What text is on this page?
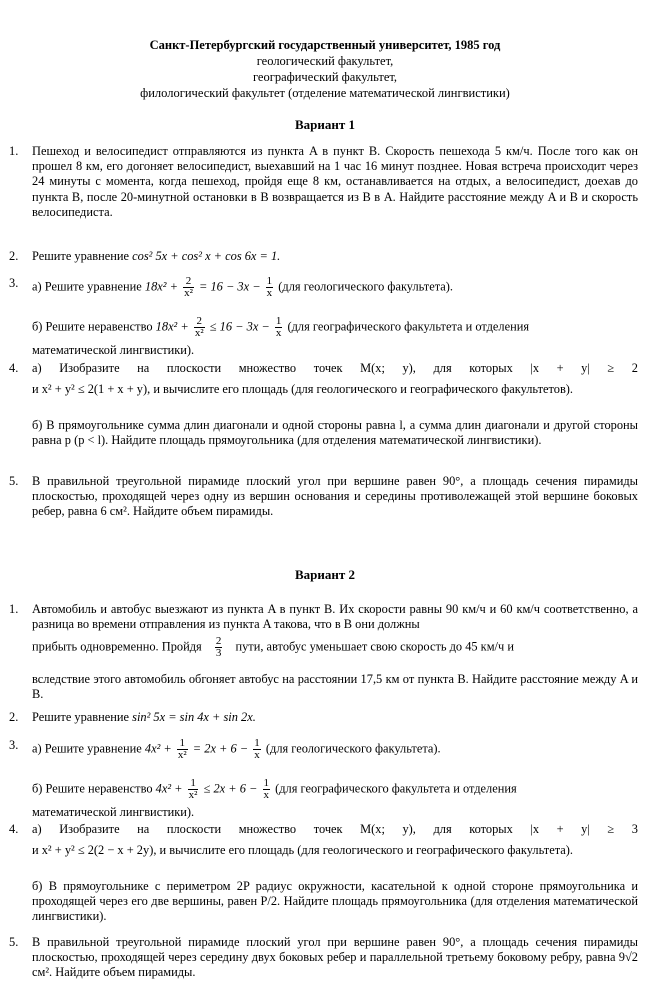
Санкт-Петербургский государственный университет, 1985 год
геологический факультет,
географический факультет,
филологический факультет (отделение математической лингвистики)
Вариант 1
1.	Пешеход и велосипедист отправляются из пункта A в пункт B. Скорость пешехода 5 км/ч. После того как он прошел 8 км, его догоняет велосипедист, выехавший на 1 час 16 минут позднее. Новая встреча происходит через 24 минуты с момента, когда пешеход, пройдя еще 8 км, останавливается на отдых, а велосипедист, доехав до пункта B, после 20-минутной остановки в B возвращается из B в A. Найдите расстояние между A и B и скорость велосипедиста.
2.	Решите уравнение cos² 5x + cos² x + cos 6x = 1.
3.	а) Решите уравнение $18x^2 + \frac{2}{\text{x²}} = 16 - 3x - \frac{1}{x} (для$ геологического факультета).
б) Решите неравенство $18x^2 + \frac{2}{\text{x²}} \le 16 - 3x - \frac{1}{x} (для$ географического факультета и отделения
математической лингвистики).
4.	а) Изобразите на плоскости множество точек M(x; y), для которых |x + y| ≥ 2
и x² + y² ≤ 2(1 + x + y), и вычислите его площадь (для геологического и географического факультетов).
б) В прямоугольнике сумма длин диагонали и одной стороны равна l, а сумма длин диагонали и другой стороны равна p (p < l). Найдите площадь прямоугольника (для отделения математической лингвистики).
5.	В правильной треугольной пирамиде плоский угол при вершине равен 90°, а площадь сечения пирамиды плоскостью, проходящей через одну из вершин основания и середины противолежащей этой вершине боковых ребер, равна 6 см². Найдите объем пирамиды.
Вариант 2
1.	Автомобиль и автобус выезжают из пункта A в пункт B. Их скорости равны 90 км/ч и 60 км/ч соответственно, а разница во времени отправления из пункта A такова, что в B они должны
прибыть одновременно. Пройдя $\frac{2}{3}$ пути, автобус уменьшает свою скорость до 45 км/ч и
вследствие этого автомобиль обгоняет автобус на расстоянии 17,5 км от пункта B. Найдите расстояние между A и B.
2.	Решите уравнение sin² 5x = sin 4x + sin 2x.
3.	а) Решите уравнение $4x^2 + \frac{1}{\text{x²}} = 2x + 6 - \frac{1}{x} (для$ геологического факультета).
б) Решите неравенство $4x^2 + \frac{1}{\text{x²}} \le 2x + 6 - \frac{1}{x} (для$ географического факультета и отделения
математической лингвистики).
4.	а) Изобразите на плоскости множество точек M(x; y), для которых |x + y| ≥ 3
и x² + y² ≤ 2(2 − x + 2y), и вычислите его площадь (для геологического и географического факультета).
б) В прямоугольнике с периметром 2P радиус окружности, касательной к одной стороне прямоугольника и проходящей через его две вершины, равен P/2. Найдите площадь прямоугольника (для отделения математической лингвистики).
5.	В правильной треугольной пирамиде плоский угол при вершине равен 90°, а площадь сечения пирамиды плоскостью, проходящей через середину двух боковых ребер и параллельной третьему боковому ребру, равна 9√2 см². Найдите объем пирамиды.
